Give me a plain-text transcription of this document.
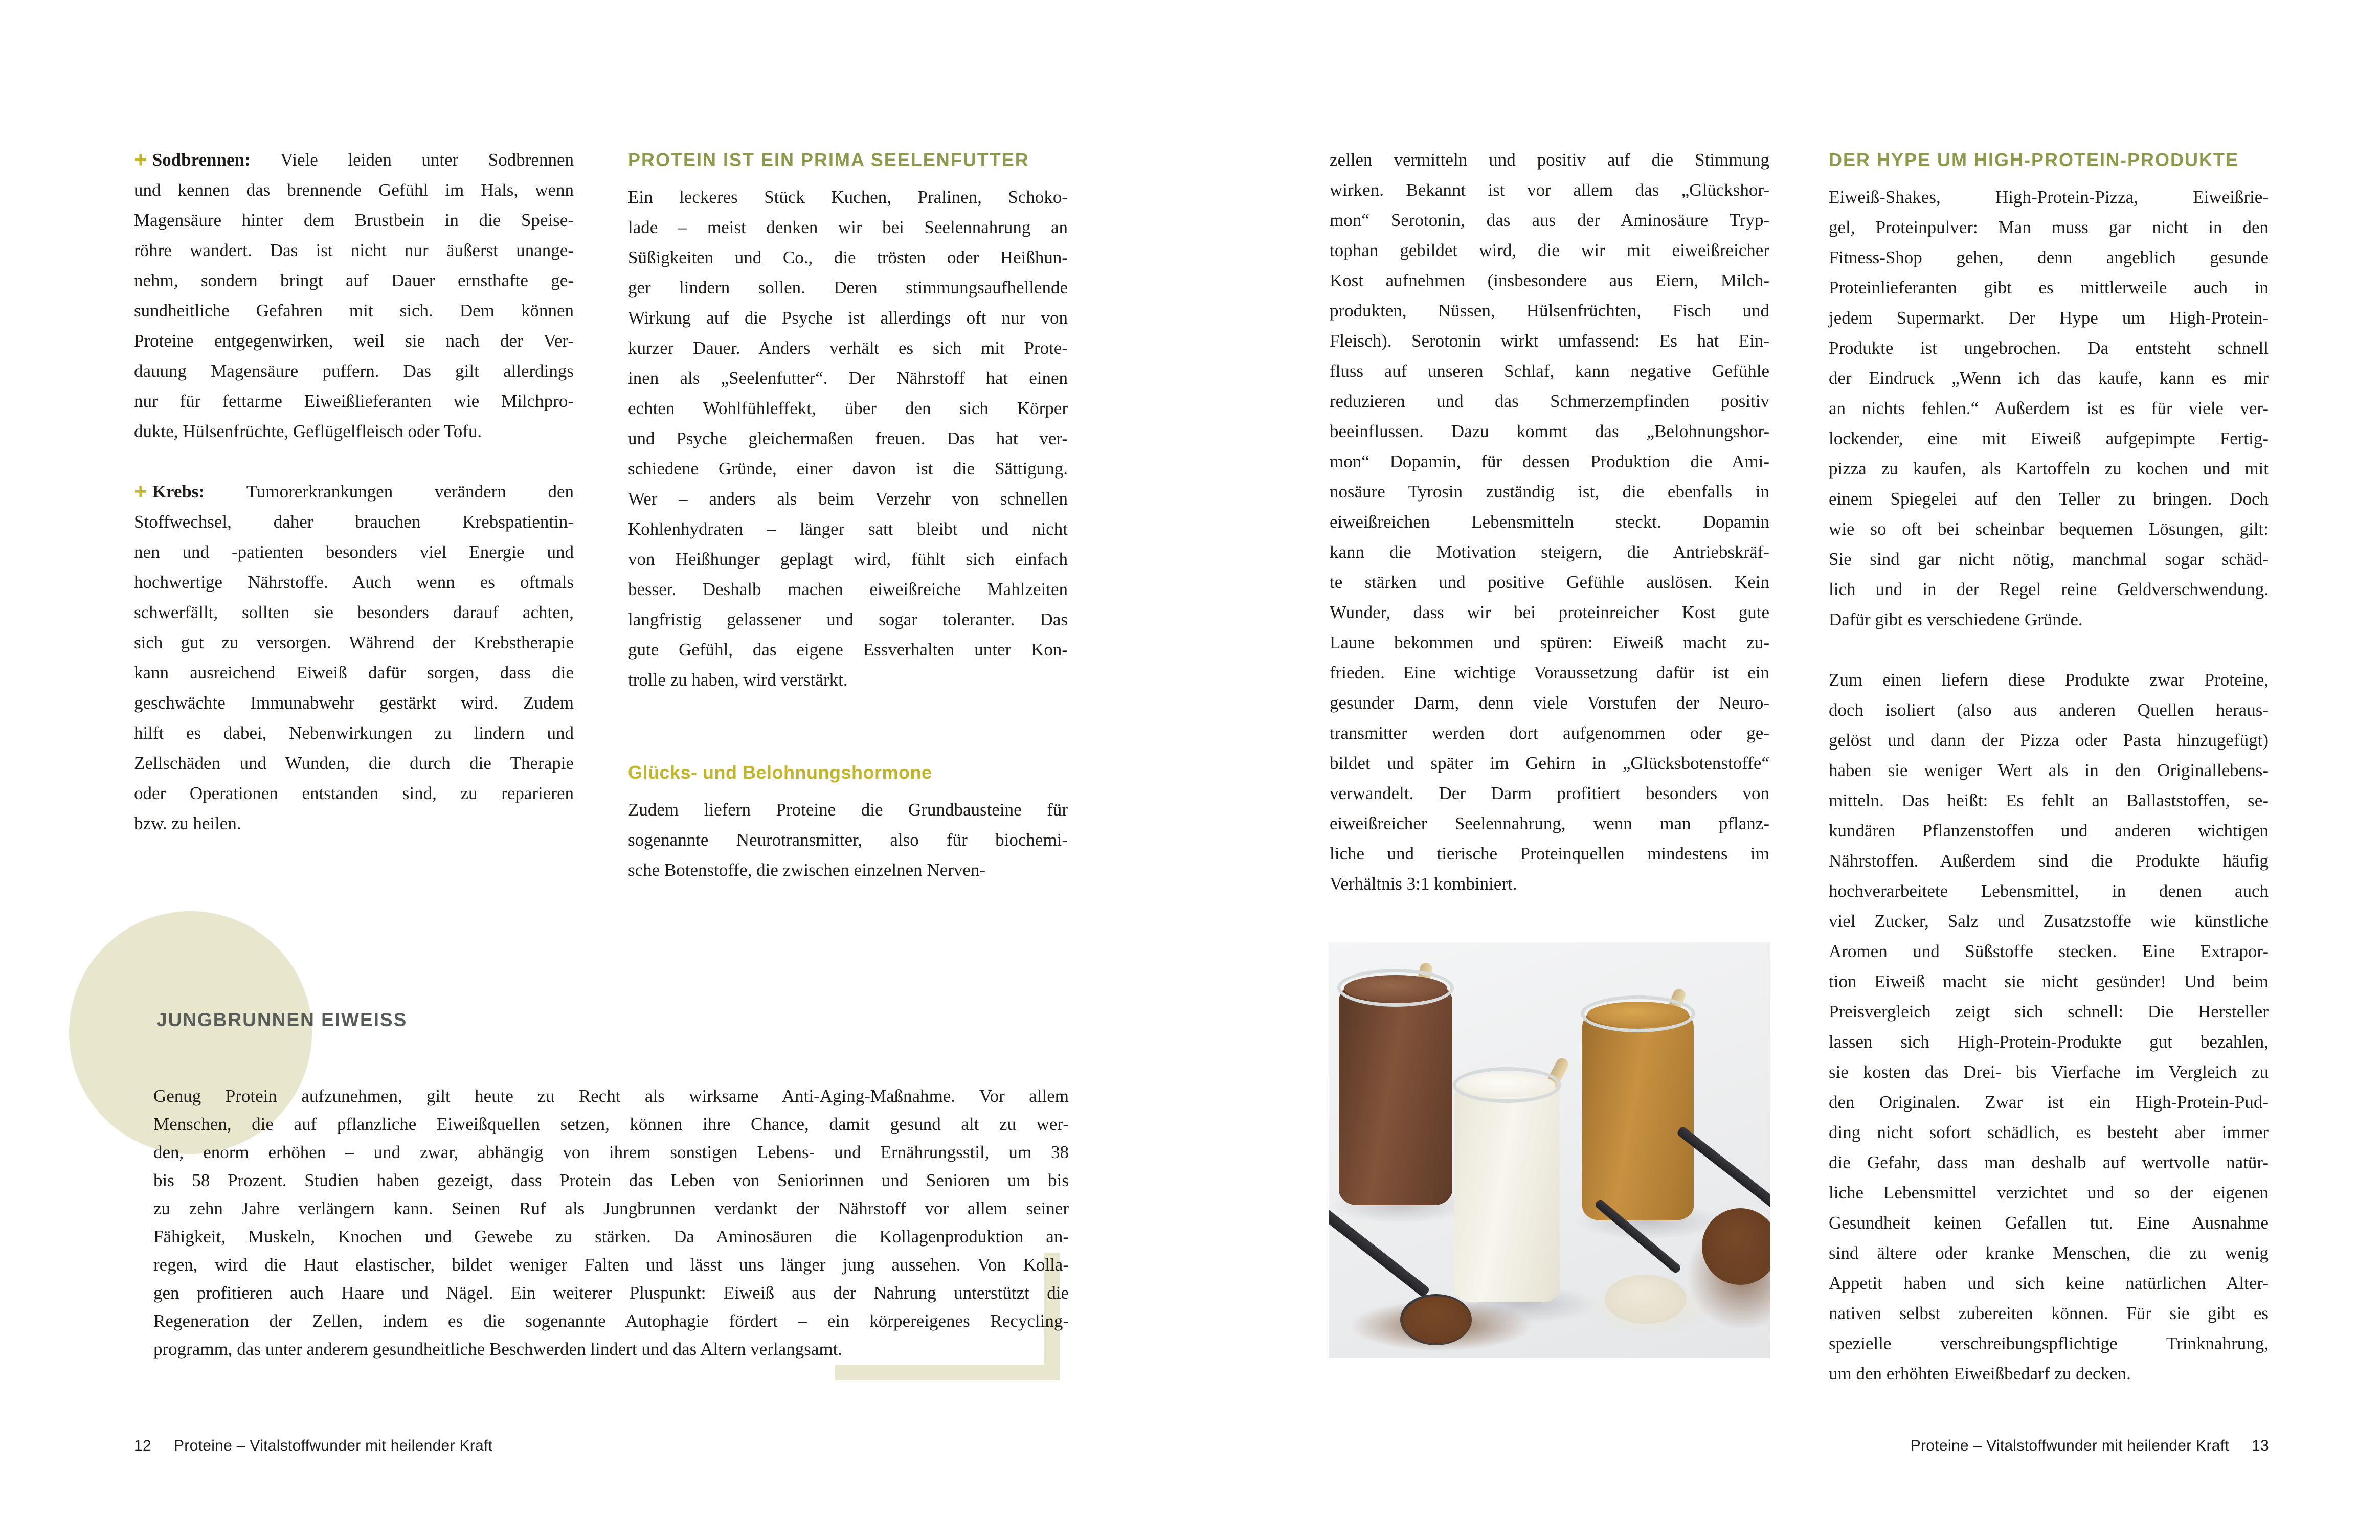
+ Sodbrennen: Viele leiden unter Sodbrennen
und kennen das brennende Gefühl im Hals, wenn
Magensäure hinter dem Brustbein in die Speise-
röhre wandert. Das ist nicht nur äußerst unange-
nehm, sondern bringt auf Dauer ernsthafte ge-
sundheitliche Gefahren mit sich. Dem können
Proteine entgegenwirken, weil sie nach der Ver-
dauung Magensäure puffern. Das gilt allerdings
nur für fettarme Eiweißlieferanten wie Milchpro-
dukte, Hülsenfrüchte, Geflügelfleisch oder Tofu.
+ Krebs: Tumorerkrankungen verändern den
Stoffwechsel, daher brauchen Krebspatientin-
nen und -patienten besonders viel Energie und
hochwertige Nährstoffe. Auch wenn es oftmals
schwerfällt, sollten sie besonders darauf achten,
sich gut zu versorgen. Während der Krebstherapie
kann ausreichend Eiweiß dafür sorgen, dass die
geschwächte Immunabwehr gestärkt wird. Zudem
hilft es dabei, Nebenwirkungen zu lindern und
Zellschäden und Wunden, die durch die Therapie
oder Operationen entstanden sind, zu reparieren
bzw. zu heilen.
PROTEIN IST EIN PRIMA SEELENFUTTER
Ein leckeres Stück Kuchen, Pralinen, Schoko-
lade – meist denken wir bei Seelennahrung an
Süßigkeiten und Co., die trösten oder Heißhun-
ger lindern sollen. Deren stimmungsaufhellende
Wirkung auf die Psyche ist allerdings oft nur von
kurzer Dauer. Anders verhält es sich mit Prote-
inen als „Seelenfutter“. Der Nährstoff hat einen
echten Wohlfühleffekt, über den sich Körper
und Psyche gleichermaßen freuen. Das hat ver-
schiedene Gründe, einer davon ist die Sättigung.
Wer – anders als beim Verzehr von schnellen
Kohlenhydraten – länger satt bleibt und nicht
von Heißhunger geplagt wird, fühlt sich einfach
besser. Deshalb machen eiweißreiche Mahlzeiten
langfristig gelassener und sogar toleranter. Das
gute Gefühl, das eigene Essverhalten unter Kon-
trolle zu haben, wird verstärkt.
Glücks- und Belohnungshormone
Zudem liefern Proteine die Grundbausteine für
sogenannte Neurotransmitter, also für biochemi-
sche Botenstoffe, die zwischen einzelnen Nerven-
zellen vermitteln und positiv auf die Stimmung
wirken. Bekannt ist vor allem das „Glückshor-
mon“ Serotonin, das aus der Aminosäure Tryp-
tophan gebildet wird, die wir mit eiweißreicher
Kost aufnehmen (insbesondere aus Eiern, Milch-
produkten, Nüssen, Hülsenfrüchten, Fisch und
Fleisch). Serotonin wirkt umfassend: Es hat Ein-
fluss auf unseren Schlaf, kann negative Gefühle
reduzieren und das Schmerzempfinden positiv
beeinflussen. Dazu kommt das „Belohnungshor-
mon“ Dopamin, für dessen Produktion die Ami-
nosäure Tyrosin zuständig ist, die ebenfalls in
eiweißreichen Lebensmitteln steckt. Dopamin
kann die Motivation steigern, die Antriebskräf-
te stärken und positive Gefühle auslösen. Kein
Wunder, dass wir bei proteinreicher Kost gute
Laune bekommen und spüren: Eiweiß macht zu-
frieden. Eine wichtige Voraussetzung dafür ist ein
gesunder Darm, denn viele Vorstufen der Neuro-
transmitter werden dort aufgenommen oder ge-
bildet und später im Gehirn in „Glücksbotenstoffe“
verwandelt. Der Darm profitiert besonders von
eiweißreicher Seelennahrung, wenn man pflanz-
liche und tierische Proteinquellen mindestens im
Verhältnis 3:1 kombiniert.
DER HYPE UM HIGH-PROTEIN-PRODUKTE
Eiweiß-Shakes, High-Protein-Pizza, Eiweißrie-
gel, Proteinpulver: Man muss gar nicht in den
Fitness-Shop gehen, denn angeblich gesunde
Proteinlieferanten gibt es mittlerweile auch in
jedem Supermarkt. Der Hype um High-Protein-
Produkte ist ungebrochen. Da entsteht schnell
der Eindruck „Wenn ich das kaufe, kann es mir
an nichts fehlen.“ Außerdem ist es für viele ver-
lockender, eine mit Eiweiß aufgepimpte Fertig-
pizza zu kaufen, als Kartoffeln zu kochen und mit
einem Spiegelei auf den Teller zu bringen. Doch
wie so oft bei scheinbar bequemen Lösungen, gilt:
Sie sind gar nicht nötig, manchmal sogar schäd-
lich und in der Regel reine Geldverschwendung.
Dafür gibt es verschiedene Gründe.
Zum einen liefern diese Produkte zwar Proteine,
doch isoliert (also aus anderen Quellen heraus-
gelöst und dann der Pizza oder Pasta hinzugefügt)
haben sie weniger Wert als in den Originallebens-
mitteln. Das heißt: Es fehlt an Ballaststoffen, se-
kundären Pflanzenstoffen und anderen wichtigen
Nährstoffen. Außerdem sind die Produkte häufig
hochverarbeitete Lebensmittel, in denen auch
viel Zucker, Salz und Zusatzstoffe wie künstliche
Aromen und Süßstoffe stecken. Eine Extrapor-
tion Eiweiß macht sie nicht gesünder! Und beim
Preisvergleich zeigt sich schnell: Die Hersteller
lassen sich High-Protein-Produkte gut bezahlen,
sie kosten das Drei- bis Vierfache im Vergleich zu
den Originalen. Zwar ist ein High-Protein-Pud-
ding nicht sofort schädlich, es besteht aber immer
die Gefahr, dass man deshalb auf wertvolle natür-
liche Lebensmittel verzichtet und so der eigenen
Gesundheit keinen Gefallen tut. Eine Ausnahme
sind ältere oder kranke Menschen, die zu wenig
Appetit haben und sich keine natürlichen Alter-
nativen selbst zubereiten können. Für sie gibt es
spezielle verschreibungspflichtige Trinknahrung,
um den erhöhten Eiweißbedarf zu decken.
JUNGBRUNNEN EIWEISS
Genug Protein aufzunehmen, gilt heute zu Recht als wirksame Anti-Aging-Maßnahme. Vor allem
Menschen, die auf pflanzliche Eiweißquellen setzen, können ihre Chance, damit gesund alt zu wer-
den, enorm erhöhen – und zwar, abhängig von ihrem sonstigen Lebens- und Ernährungsstil, um 38
bis 58 Prozent. Studien haben gezeigt, dass Protein das Leben von Seniorinnen und Senioren um bis
zu zehn Jahre verlängern kann. Seinen Ruf als Jungbrunnen verdankt der Nährstoff vor allem seiner
Fähigkeit, Muskeln, Knochen und Gewebe zu stärken. Da Aminosäuren die Kollagenproduktion an-
regen, wird die Haut elastischer, bildet weniger Falten und lässt uns länger jung aussehen. Von Kolla-
gen profitieren auch Haare und Nägel. Ein weiterer Pluspunkt: Eiweiß aus der Nahrung unterstützt die
Regeneration der Zellen, indem es die sogenannte Autophagie fördert – ein körpereigenes Recycling-
programm, das unter anderem gesundheitliche Beschwerden lindert und das Altern verlangsamt.
12 Proteine – Vitalstoffwunder mit heilender Kraft	Proteine – Vitalstoffwunder mit heilender Kraft 13
